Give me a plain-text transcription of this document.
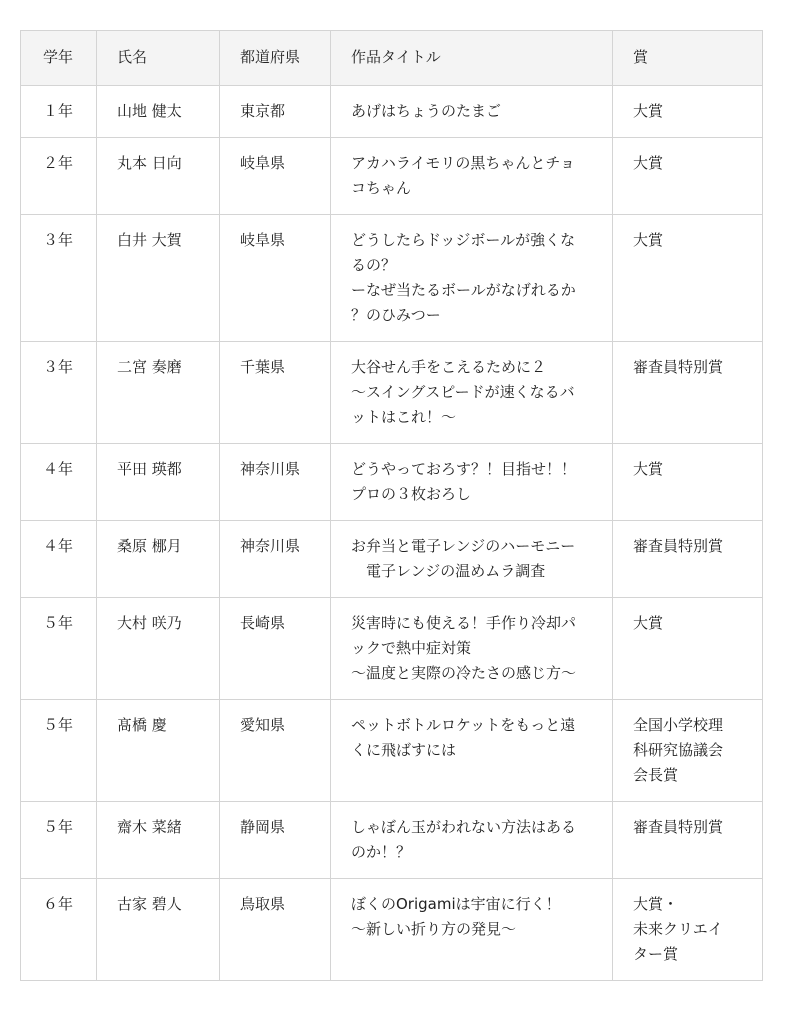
学年	氏名	都道府県	作品タイトル	賞
１年	山地 健太	東京都	あげはちょうのたまご	大賞

２年	丸本 日向	岐阜県	アカハライモリの黒ちゃんとチョ
コちゃん	大賞

３年	白井 大賀	岐阜県	どうしたらドッジボールが強くな
るの？
ーなぜ当たるボールがなげれるか
？のひみつー	大賞

３年	二宮 奏磨	千葉県	大谷せん手をこえるために２
〜スイングスピードが速くなるバ
ットはこれ！〜	審査員特別賞

４年	平田 瑛都	神奈川県	どうやっておろす？！目指せ！！
プロの３枚おろし	大賞

４年	桑原 梛月	神奈川県	お弁当と電子レンジのハーモニー
　電子レンジの温めムラ調査	審査員特別賞

５年	大村 咲乃	長崎県	災害時にも使える！手作り冷却パ
ックで熱中症対策
〜温度と実際の冷たさの感じ方〜	大賞

５年	髙橋 慶	愛知県	ペットボトルロケットをもっと遠
くに飛ばすには	全国小学校理
科研究協議会
会長賞

５年	齋木 菜緒	静岡県	しゃぼん玉がわれない方法はある
のか！？	審査員特別賞

６年	古家 碧人	鳥取県	ぼくのOrigamiは宇宙に行く！
〜新しい折り方の発見〜	大賞・
未来クリエイ
ター賞
